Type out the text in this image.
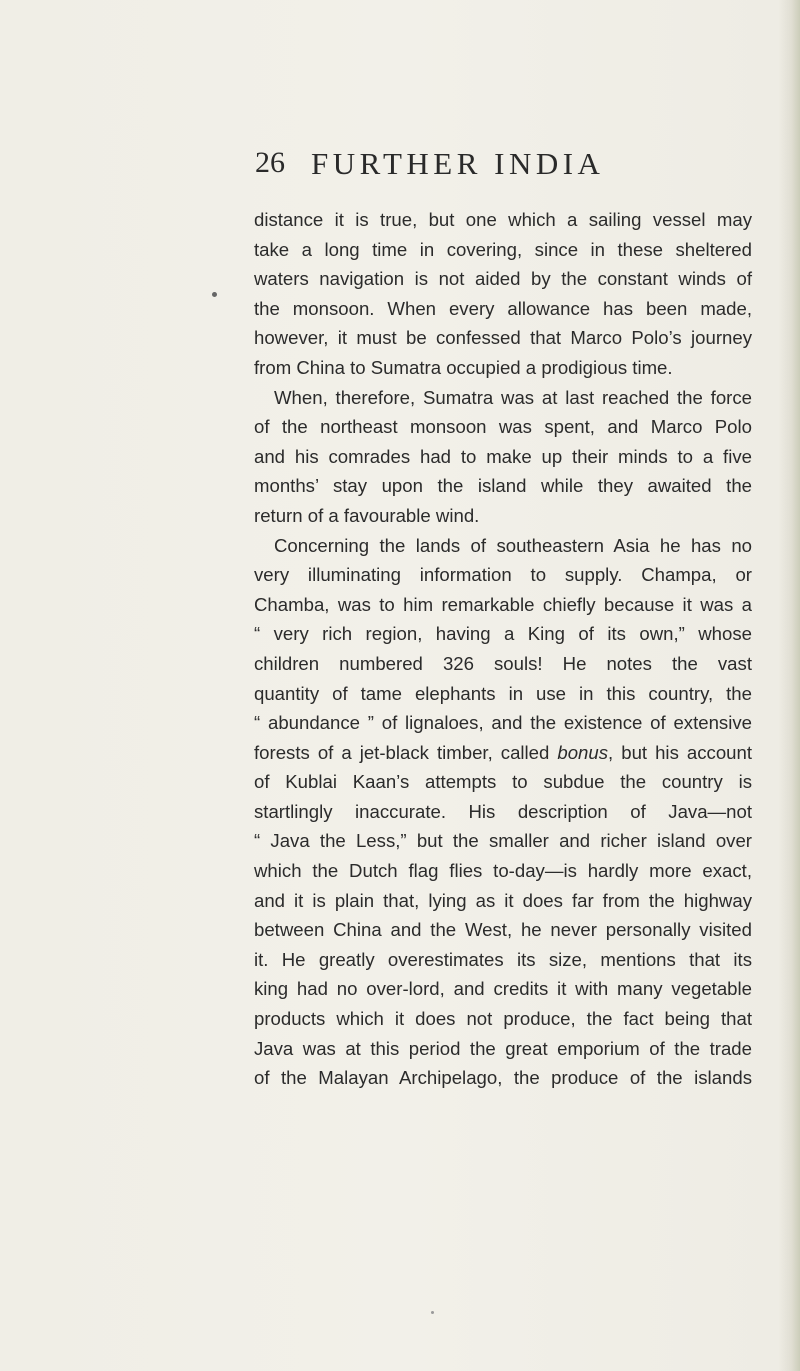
26 FURTHER INDIA
distance it is true, but one which a sailing vessel may
take a long time in covering, since in these sheltered
waters navigation is not aided by the constant winds of
the monsoon. When every allowance has been made,
however, it must be confessed that Marco Polo’s journey
from China to Sumatra occupied a prodigious time.
When, therefore, Sumatra was at last reached the force
of the northeast monsoon was spent, and Marco Polo
and his comrades had to make up their minds to a five
months’ stay upon the island while they awaited the
return of a favourable wind.
Concerning the lands of southeastern Asia he has no
very illuminating information to supply. Champa, or
Chamba, was to him remarkable chiefly because it was a
“ very rich region, having a King of its own,” whose
children numbered 326 souls! He notes the vast
quantity of tame elephants in use in this country, the
“ abundance ” of lignaloes, and the existence of extensive
forests of a jet-black timber, called bonus, but his account
of Kublai Kaan’s attempts to subdue the country is
startlingly inaccurate. His description of Java—not
“ Java the Less,” but the smaller and richer island over
which the Dutch flag flies to-day—is hardly more exact,
and it is plain that, lying as it does far from the highway
between China and the West, he never personally visited
it. He greatly overestimates its size, mentions that its
king had no over-lord, and credits it with many vegetable
products which it does not produce, the fact being that
Java was at this period the great emporium of the trade
of the Malayan Archipelago, the produce of the islands
